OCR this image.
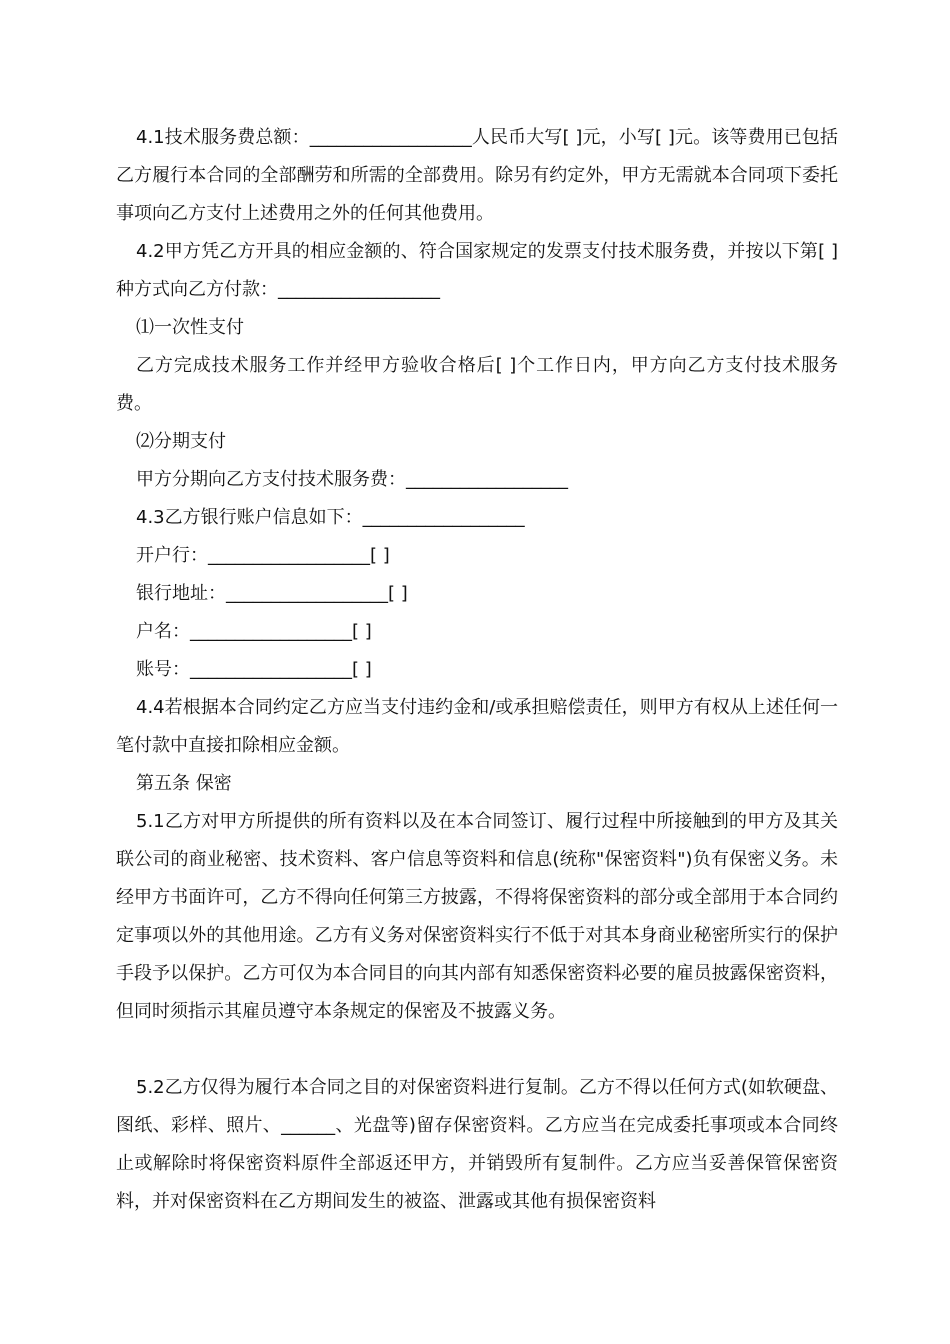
4.1技术服务费总额：__________________人民币大写[ ]元，小写[ ]元。该等费用已包括乙方履行本合同的全部酬劳和所需的全部费用。除另有约定外，甲方无需就本合同项下委托事项向乙方支付上述费用之外的任何其他费用。

4.2甲方凭乙方开具的相应金额的、符合国家规定的发票支付技术服务费，并按以下第[ ]种方式向乙方付款：__________________

⑴一次性支付

乙方完成技术服务工作并经甲方验收合格后[ ]个工作日内，甲方向乙方支付技术服务费。

⑵分期支付

甲方分期向乙方支付技术服务费：__________________

4.3乙方银行账户信息如下：__________________

开户行：__________________[ ]

银行地址：__________________[ ]

户名：__________________[ ]

账号：__________________[ ]

4.4若根据本合同约定乙方应当支付违约金和/或承担赔偿责任，则甲方有权从上述任何一笔付款中直接扣除相应金额。

第五条 保密

5.1乙方对甲方所提供的所有资料以及在本合同签订、履行过程中所接触到的甲方及其关联公司的商业秘密、技术资料、客户信息等资料和信息(统称"保密资料")负有保密义务。未经甲方书面许可，乙方不得向任何第三方披露，不得将保密资料的部分或全部用于本合同约定事项以外的其他用途。乙方有义务对保密资料实行不低于对其本身商业秘密所实行的保护手段予以保护。乙方可仅为本合同目的向其内部有知悉保密资料必要的雇员披露保密资料，但同时须指示其雇员遵守本条规定的保密及不披露义务。

5.2乙方仅得为履行本合同之目的对保密资料进行复制。乙方不得以任何方式(如软硬盘、图纸、彩样、照片、______、光盘等)留存保密资料。乙方应当在完成委托事项或本合同终止或解除时将保密资料原件全部返还甲方，并销毁所有复制件。乙方应当妥善保管保密资料，并对保密资料在乙方期间发生的被盗、泄露或其他有损保密资料
